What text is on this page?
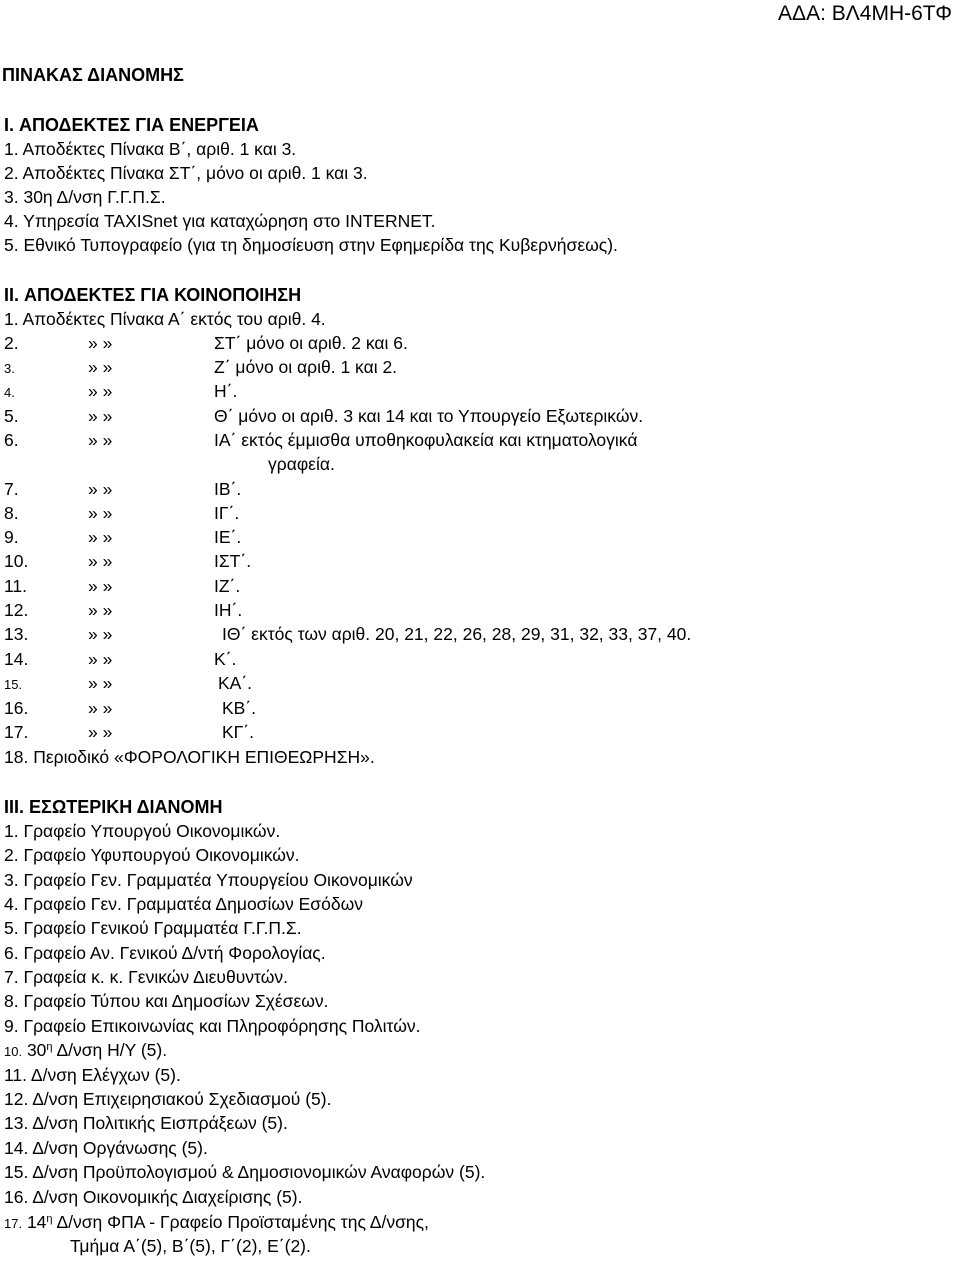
ΑΔΑ: ΒΛ4ΜΗ-6ΤΦ
ΠΙΝΑΚΑΣ ΔΙΑΝΟΜΗΣ
I. ΑΠΟΔΕΚΤΕΣ ΓΙΑ ΕΝΕΡΓΕΙΑ
1. Αποδέκτες Πίνακα Β΄, αριθ. 1 και 3.
2. Αποδέκτες Πίνακα ΣΤ΄, μόνο οι αριθ. 1 και 3.
3. 30η Δ/νση Γ.Γ.Π.Σ.
4. Υπηρεσία TAXISnet για καταχώρηση στο INTERNET.
5. Εθνικό Τυπογραφείο (για τη δημοσίευση στην Εφημερίδα της Κυβερνήσεως).
II. ΑΠΟΔΕΚΤΕΣ ΓΙΑ ΚΟΙΝΟΠΟΙΗΣΗ
1. Αποδέκτες Πίνακα Α΄ εκτός του αριθ. 4.
2.	» »	ΣΤ΄ μόνο οι αριθ. 2 και 6.
3.	» »	Ζ΄ μόνο οι αριθ. 1 και 2.
4.	» »	Η΄.
5.	» »	Θ΄ μόνο οι αριθ. 3 και 14 και το Υπουργείο Εξωτερικών.
6.	» »	ΙΑ΄ εκτός έμμισθα υποθηκοφυλακεία και κτηματολογικά
γραφεία.
7.	» »	ΙΒ΄.
8.	» »	ΙΓ΄.
9.	» »	ΙΕ΄.
10.	» »	ΙΣΤ΄.
11.	» »	ΙΖ΄.
12.	» »	ΙΗ΄.
13.	» »	ΙΘ΄ εκτός των αριθ. 20, 21, 22, 26, 28, 29, 31, 32, 33, 37, 40.
14.	» »	Κ΄.
15.	» »	ΚΑ΄.
16.	» »	ΚΒ΄.
17.	» »	ΚΓ΄.
18. Περιοδικό «ΦΟΡΟΛΟΓΙΚΗ ΕΠΙΘΕΩΡΗΣΗ».
III. ΕΣΩΤΕΡΙΚΗ ΔΙΑΝΟΜΗ
1. Γραφείο Υπουργού Οικονομικών.
2. Γραφείο Υφυπουργού Οικονομικών.
3. Γραφείο Γεν. Γραμματέα Υπουργείου Οικονομικών
4. Γραφείο Γεν. Γραμματέα Δημοσίων Εσόδων
5. Γραφείο Γενικού Γραμματέα Γ.Γ.Π.Σ.
6. Γραφείο Αν. Γενικού Δ/ντή Φορολογίας.
7. Γραφεία κ. κ. Γενικών Διευθυντών.
8. Γραφείο Τύπου και Δημοσίων Σχέσεων.
9. Γραφείο Επικοινωνίας και Πληροφόρησης Πολιτών.
10. $30^\eta$ Δ/νση Η/Υ (5).
11. Δ/νση Ελέγχων (5).
12. Δ/νση Επιχειρησιακού Σχεδιασμού (5).
13. Δ/νση Πολιτικής Εισπράξεων (5).
14. Δ/νση Οργάνωσης (5).
15. Δ/νση Προϋπολογισμού & Δημοσιονομικών Αναφορών (5).
16. Δ/νση Οικονομικής Διαχείρισης (5).
17. $14^\eta$ Δ/νση ΦΠΑ - Γραφείο Προϊσταμένης της Δ/νσης,
Τμήμα Α΄(5), Β΄(5), Γ΄(2), Ε΄(2).
